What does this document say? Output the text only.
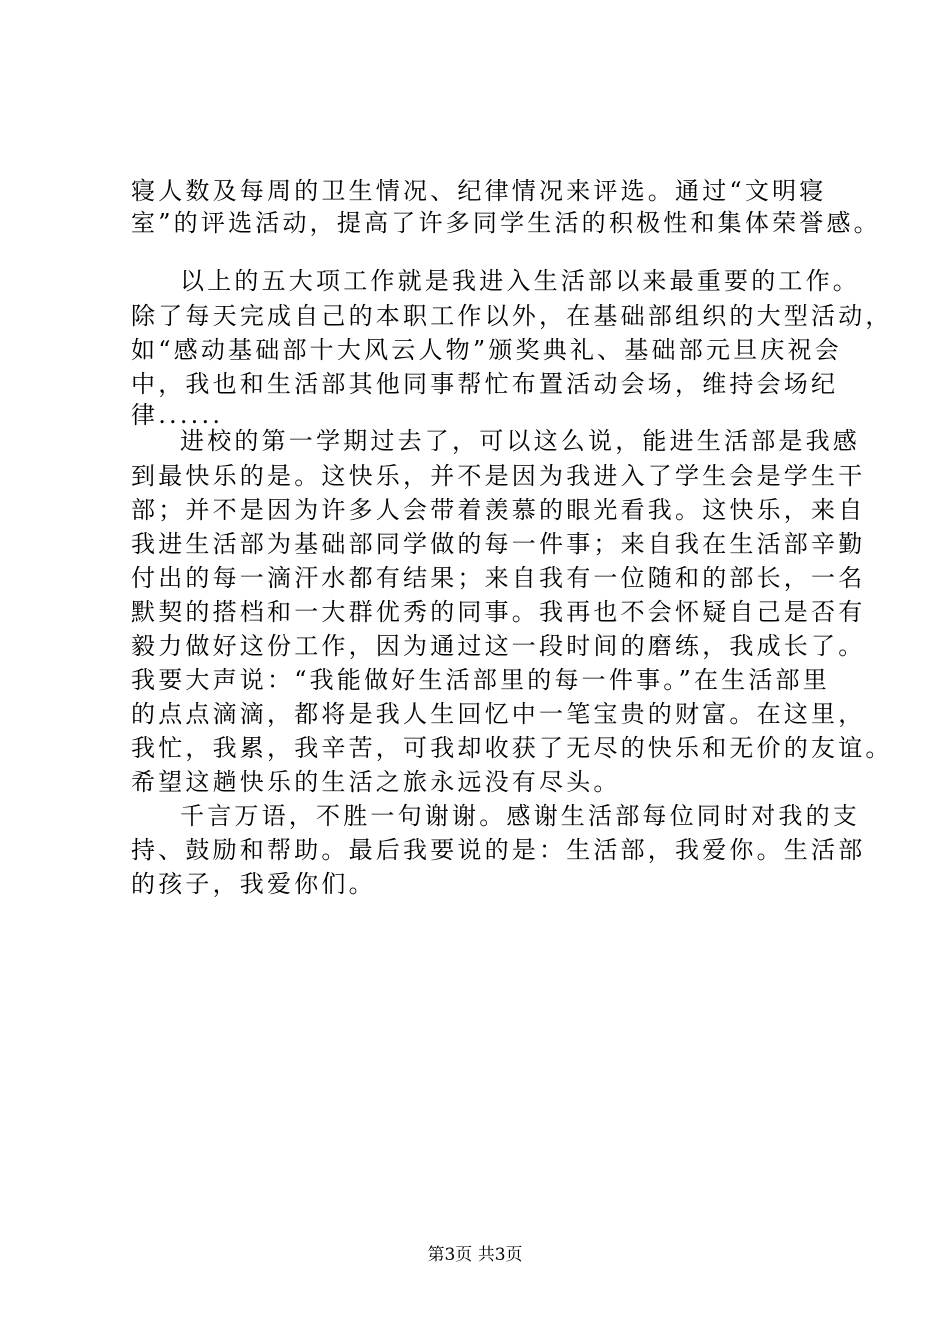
寝人数及每周的卫生情况、纪律情况来评选。通过“文明寝
室”的评选活动，提高了许多同学生活的积极性和集体荣誉感。
以上的五大项工作就是我进入生活部以来最重要的工作。
除了每天完成自己的本职工作以外，在基础部组织的大型活动，
如“感动基础部十大风云人物”颁奖典礼、基础部元旦庆祝会
中，我也和生活部其他同事帮忙布置活动会场，维持会场纪
律......
进校的第一学期过去了，可以这么说，能进生活部是我感
到最快乐的是。这快乐，并不是因为我进入了学生会是学生干
部；并不是因为许多人会带着羡慕的眼光看我。这快乐，来自
我进生活部为基础部同学做的每一件事；来自我在生活部辛勤
付出的每一滴汗水都有结果；来自我有一位随和的部长，一名
默契的搭档和一大群优秀的同事。我再也不会怀疑自己是否有
毅力做好这份工作，因为通过这一段时间的磨练，我成长了。
我要大声说：“我能做好生活部里的每一件事。”在生活部里
的点点滴滴，都将是我人生回忆中一笔宝贵的财富。在这里，
我忙，我累，我辛苦，可我却收获了无尽的快乐和无价的友谊。
希望这趟快乐的生活之旅永远没有尽头。
千言万语，不胜一句谢谢。感谢生活部每位同时对我的支
持、鼓励和帮助。最后我要说的是：生活部，我爱你。生活部
的孩子，我爱你们。
第3页 共3页
